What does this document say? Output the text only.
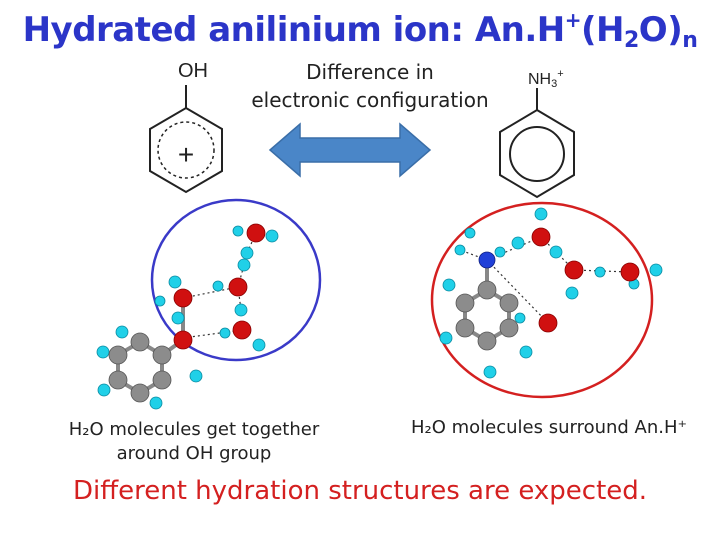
Hydrated anilinium ion: $An.H^+(H_2O)_n$
Difference in
electronic configuration
OH	$NH_3^+$
+
H₂O molecules get together
around OH group
H₂O molecules surround An.H⁺
Different hydration structures are expected.
